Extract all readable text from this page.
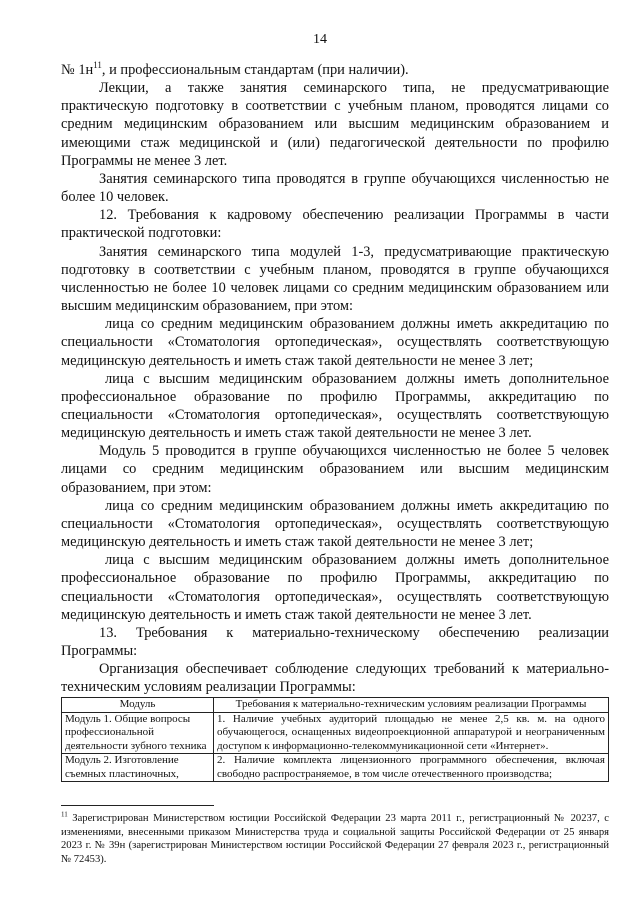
14

№ $1н^{11}$, и профессиональным стандартам (при наличии).

Лекции, а также занятия семинарского типа, не предусматривающие практическую подготовку в соответствии с учебным планом, проводятся лицами со средним медицинским образованием или высшим медицинским образованием и имеющими стаж медицинской и (или) педагогической деятельности по профилю Программы не менее 3 лет.

Занятия семинарского типа проводятся в группе обучающихся численностью не более 10 человек.

12. Требования к кадровому обеспечению реализации Программы в части практической подготовки:

Занятия семинарского типа модулей 1-3, предусматривающие практическую подготовку в соответствии с учебным планом, проводятся в группе обучающихся численностью не более 10 человек лицами со средним медицинским образованием или высшим медицинским образованием, при этом:

лица со средним медицинским образованием должны иметь аккредитацию по специальности «Стоматология ортопедическая», осуществлять соответствующую медицинскую деятельность и иметь стаж такой деятельности не менее 3 лет;

лица с высшим медицинским образованием должны иметь дополнительное профессиональное образование по профилю Программы, аккредитацию по специальности «Стоматология ортопедическая», осуществлять соответствующую медицинскую деятельность и иметь стаж такой деятельности не менее 3 лет.

Модуль 5 проводится в группе обучающихся численностью не более 5 человек лицами со средним медицинским образованием или высшим медицинским образованием, при этом:

лица со средним медицинским образованием должны иметь аккредитацию по специальности «Стоматология ортопедическая», осуществлять соответствующую медицинскую деятельность и иметь стаж такой деятельности не менее 3 лет;

лица с высшим медицинским образованием должны иметь дополнительное профессиональное образование по профилю Программы, аккредитацию по специальности «Стоматология ортопедическая», осуществлять соответствующую медицинскую деятельность и иметь стаж такой деятельности не менее 3 лет.

13. Требования к материально-техническому обеспечению реализации Программы:

Организация обеспечивает соблюдение следующих требований к материально-техническим условиям реализации Программы:

Модуль	Требования к материально-техническим условиям реализации Программы
Модуль 1. Общие вопросы профессиональной деятельности зубного техника	1. Наличие учебных аудиторий площадью не менее 2,5 кв. м. на одного обучающегося, оснащенных видеопроекционной аппаратурой и неограниченным доступом к информационно-телекоммуникационной сети «Интернет».
Модуль 2. Изготовление съемных пластиночных,	2. Наличие комплекта лицензионного программного обеспечения, включая свободно распространяемое, в том числе отечественного производства;
$^{11}$ Зарегистрирован Министерством юстиции Российской Федерации 23 марта 2011 г., регистрационный № 20237, с изменениями, внесенными приказом Министерства труда и социальной защиты Российской Федерации от 25 января 2023 г. № 39н (зарегистрирован Министерством юстиции Российской Федерации 27 февраля 2023 г., регистрационный № 72453).
